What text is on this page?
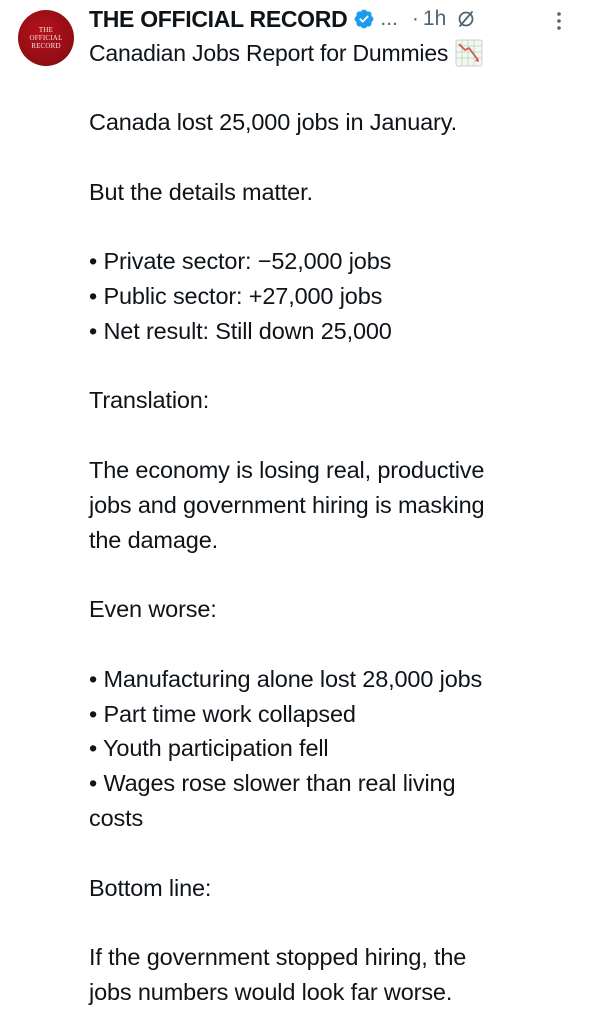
THE
OFFICIAL
RECORD
THE OFFICIAL RECORD ... · 1h
Canadian Jobs Report for Dummies
Canada lost 25,000 jobs in January.
But the details matter.
• Private sector: −52,000 jobs
• Public sector: +27,000 jobs
• Net result: Still down 25,000
Translation:
The economy is losing real, productive
jobs and government hiring is masking
the damage.
Even worse:
• Manufacturing alone lost 28,000 jobs
• Part time work collapsed
• Youth participation fell
• Wages rose slower than real living
costs
Bottom line:
If the government stopped hiring, the
jobs numbers would look far worse.
